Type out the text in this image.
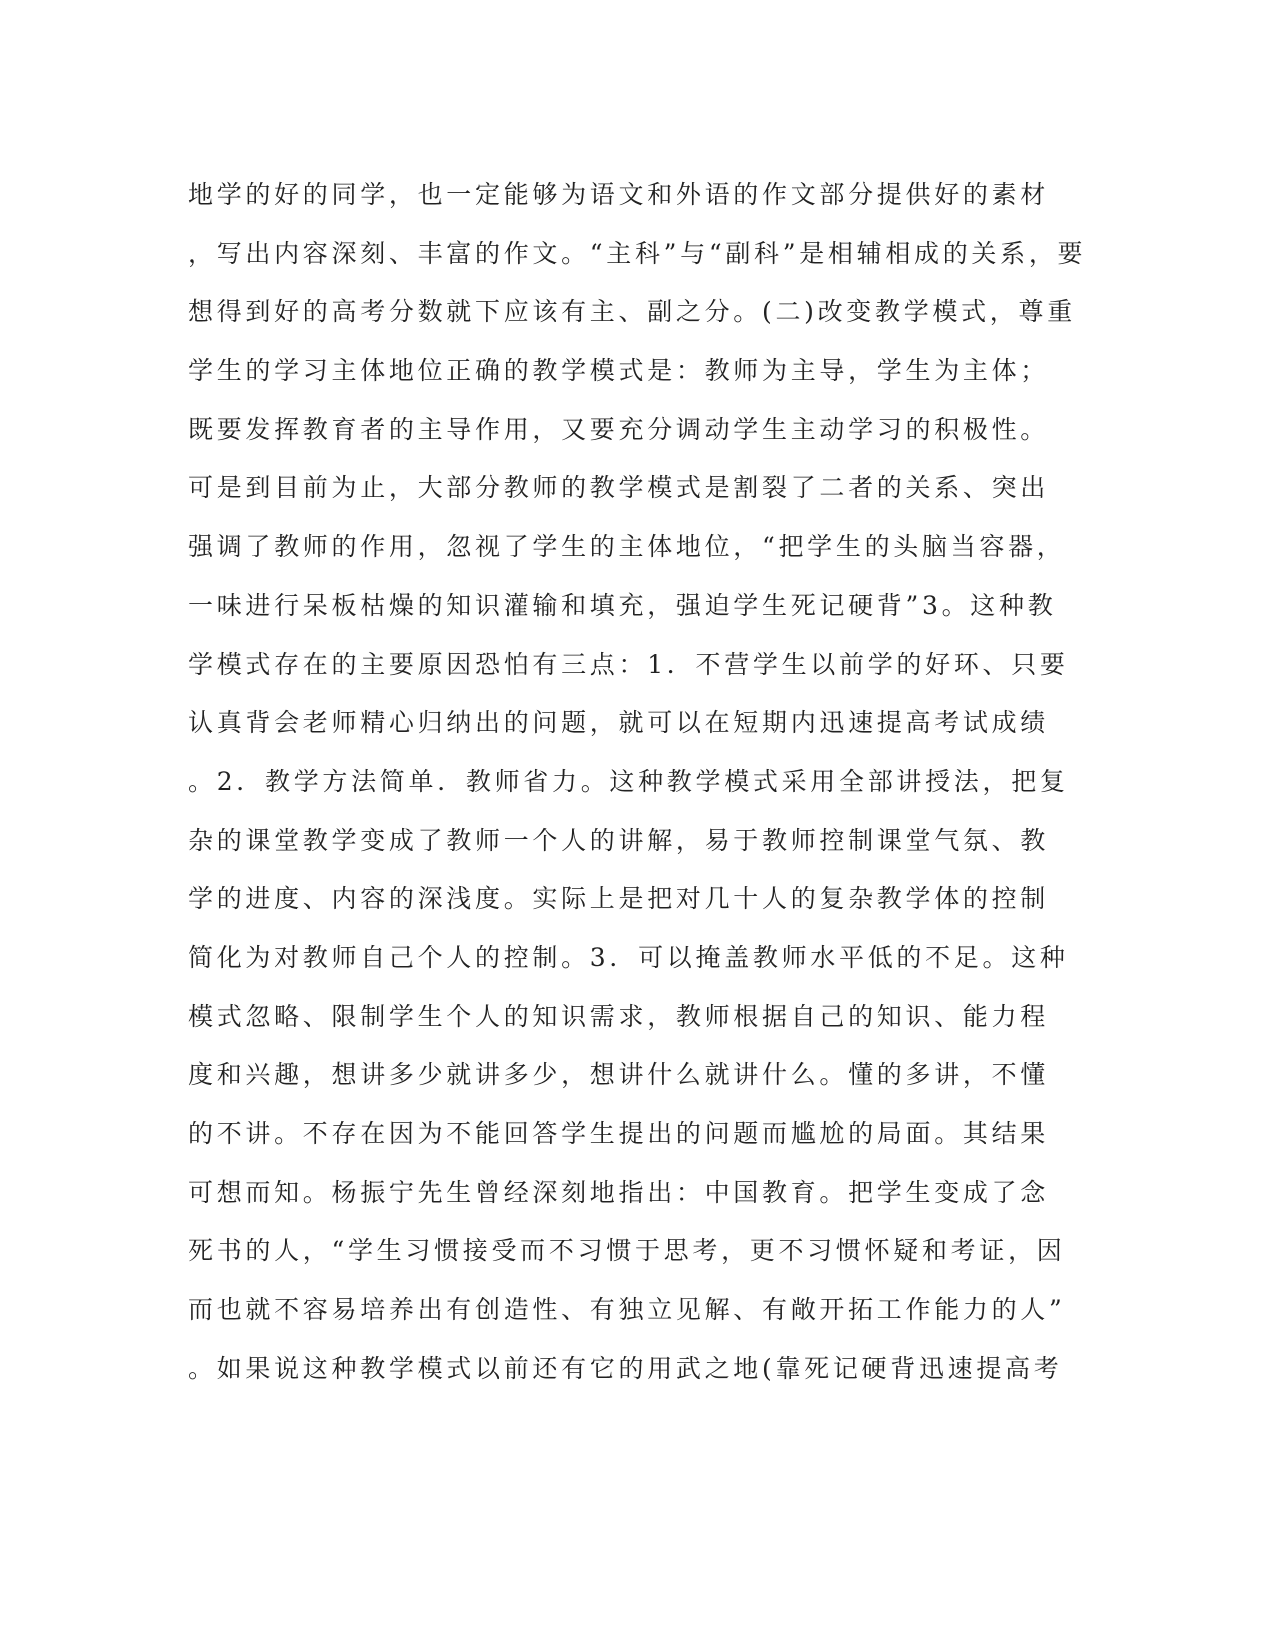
地学的好的同学，也一定能够为语文和外语的作文部分提供好的素材
，写出内容深刻、丰富的作文。“主科”与“副科”是相辅相成的关系，要
想得到好的高考分数就下应该有主、副之分。(二)改变教学模式，尊重
学生的学习主体地位正确的教学模式是：教师为主导，学生为主体；
既要发挥教育者的主导作用，又要充分调动学生主动学习的积极性。
可是到目前为止，大部分教师的教学模式是割裂了二者的关系、突出
强调了教师的作用，忽视了学生的主体地位，“把学生的头脑当容器，
一味进行呆板枯燥的知识灌输和填充，强迫学生死记硬背”3。这种教
学模式存在的主要原因恐怕有三点：1．不营学生以前学的好环、只要
认真背会老师精心归纳出的问题，就可以在短期内迅速提高考试成绩
。2．教学方法简单．教师省力。这种教学模式采用全部讲授法，把复
杂的课堂教学变成了教师一个人的讲解，易于教师控制课堂气氛、教
学的进度、内容的深浅度。实际上是把对几十人的复杂教学体的控制
简化为对教师自己个人的控制。3．可以掩盖教师水平低的不足。这种
模式忽略、限制学生个人的知识需求，教师根据自己的知识、能力程
度和兴趣，想讲多少就讲多少，想讲什么就讲什么。懂的多讲，不懂
的不讲。不存在因为不能回答学生提出的问题而尴尬的局面。其结果
可想而知。杨振宁先生曾经深刻地指出：中国教育。把学生变成了念
死书的人，“学生习惯接受而不习惯于思考，更不习惯怀疑和考证，因
而也就不容易培养出有创造性、有独立见解、有敞开拓工作能力的人”
。如果说这种教学模式以前还有它的用武之地(靠死记硬背迅速提高考
